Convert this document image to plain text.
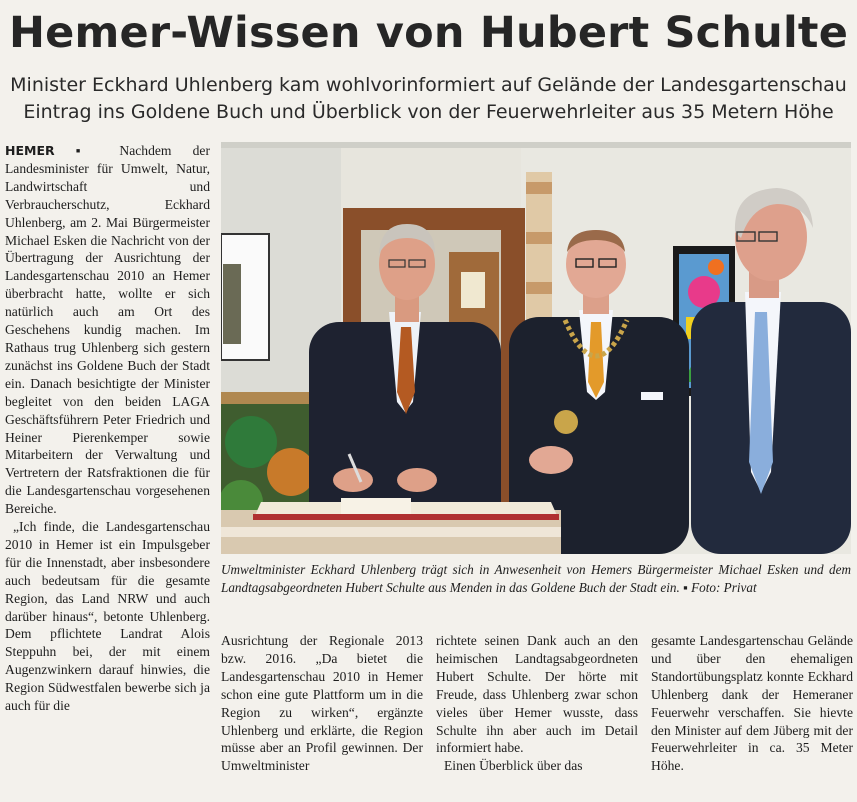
Hemer-Wissen von Hubert Schulte
Minister Eckhard Uhlenberg kam wohlvorinformiert auf Gelände der Landesgartenschau
Eintrag ins Goldene Buch und Überblick von der Feuerwehrleiter aus 35 Metern Höhe

HEMER ▪ Nachdem der Landesminister für Umwelt, Natur, Landwirtschaft und Verbraucherschutz, Eckhard Uhlenberg, am 2. Mai Bürgermeister Michael Esken die Nachricht von der Übertragung der Ausrichtung der Landesgartenschau 2010 an Hemer überbracht hatte, wollte er sich natürlich auch am Ort des Geschehens kundig machen. Im Rathaus trug Uhlenberg sich gestern zunächst ins Goldene Buch der Stadt ein. Danach besichtigte der Minister begleitet von den beiden LAGA Geschäftsführern Peter Friedrich und Heiner Pierenkemper sowie Mitarbeitern der Verwaltung und Vertretern der Ratsfraktionen die für die Landesgartenschau vorgesehenen Bereiche.

„Ich finde, die Landesgartenschau 2010 in Hemer ist ein Impulsgeber für die Innenstadt, aber insbesondere auch bedeutsam für die gesamte Region, das Land NRW und auch darüber hinaus“, betonte Uhlenberg. Dem pflichtete Landrat Alois Steppuhn bei, der mit einem Augenzwinkern darauf hinwies, die Region Südwestfalen bewerbe sich ja auch für die

Umweltminister Eckhard Uhlenberg trägt sich in Anwesenheit von Hemers Bürgermeister Michael Esken und dem Landtagsabgeordneten Hubert Schulte aus Menden in das Goldene Buch der Stadt ein. ▪ Foto: Privat

Ausrichtung der Regionale 2013 bzw. 2016. „Da bietet die Landesgartenschau 2010 in Hemer schon eine gute Plattform um in die Region zu wirken“, ergänzte Uhlenberg und erklärte, die Region müsse aber an Profil gewinnen. Der Umweltminister

richtete seinen Dank auch an den heimischen Landtagsabgeordneten Hubert Schulte. Der hörte mit Freude, dass Uhlenberg zwar schon vieles über Hemer wusste, dass Schulte ihn aber auch im Detail informiert habe.

Einen Überblick über das

gesamte Landesgartenschau Gelände und über den ehemaligen Standortübungsplatz konnte Eckhard Uhlenberg dank der Hemeraner Feuerwehr verschaffen. Sie hievte den Minister auf dem Jüberg mit der Feuerwehrleiter in ca. 35 Meter Höhe.
